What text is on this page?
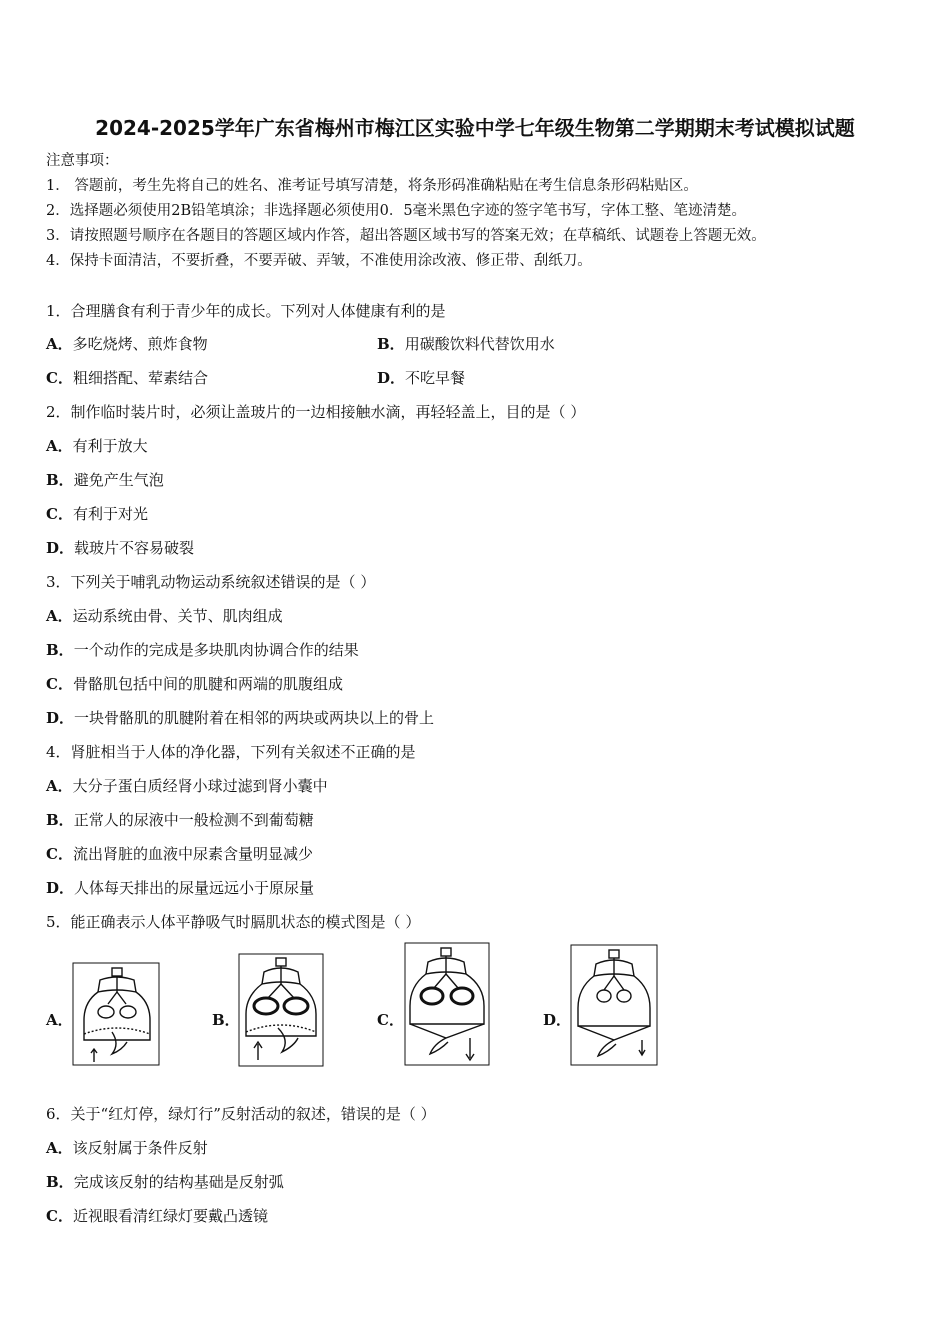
2024-2025学年广东省梅州市梅江区实验中学七年级生物第二学期期末考试模拟试题
注意事项：
1． 答题前，考生先将自己的姓名、准考证号填写清楚，将条形码准确粘贴在考生信息条形码粘贴区。
2．选择题必须使用2B铅笔填涂；非选择题必须使用0．5毫米黑色字迹的签字笔书写，字体工整、笔迹清楚。
3．请按照题号顺序在各题目的答题区域内作答，超出答题区域书写的答案无效；在草稿纸、试题卷上答题无效。
4．保持卡面清洁，不要折叠，不要弄破、弄皱，不准使用涂改液、修正带、刮纸刀。
1．合理膳食有利于青少年的成长。下列对人体健康有利的是
A．多吃烧烤、煎炸食物	B．用碳酸饮料代替饮用水
C．粗细搭配、荤素结合	D．不吃早餐
2．制作临时装片时，必须让盖玻片的一边相接触水滴，再轻轻盖上，目的是（ ）
A．有利于放大
B．避免产生气泡
C．有利于对光
D．载玻片不容易破裂
3．下列关于哺乳动物运动系统叙述错误的是（ ）
A．运动系统由骨、关节、肌肉组成
B．一个动作的完成是多块肌肉协调合作的结果
C．骨骼肌包括中间的肌腱和两端的肌腹组成
D．一块骨骼肌的肌腱附着在相邻的两块或两块以上的骨上
4．肾脏相当于人体的净化器，下列有关叙述不正确的是
A．大分子蛋白质经肾小球过滤到肾小囊中
B．正常人的尿液中一般检测不到葡萄糖
C．流出肾脏的血液中尿素含量明显减少
D．人体每天排出的尿量远远小于原尿量
5．能正确表示人体平静吸气时膈肌状态的模式图是（ ）
A．	B．	C．	D．
6．关于“红灯停，绿灯行”反射活动的叙述，错误的是（ ）
A．该反射属于条件反射
B．完成该反射的结构基础是反射弧
C．近视眼看清红绿灯要戴凸透镜
